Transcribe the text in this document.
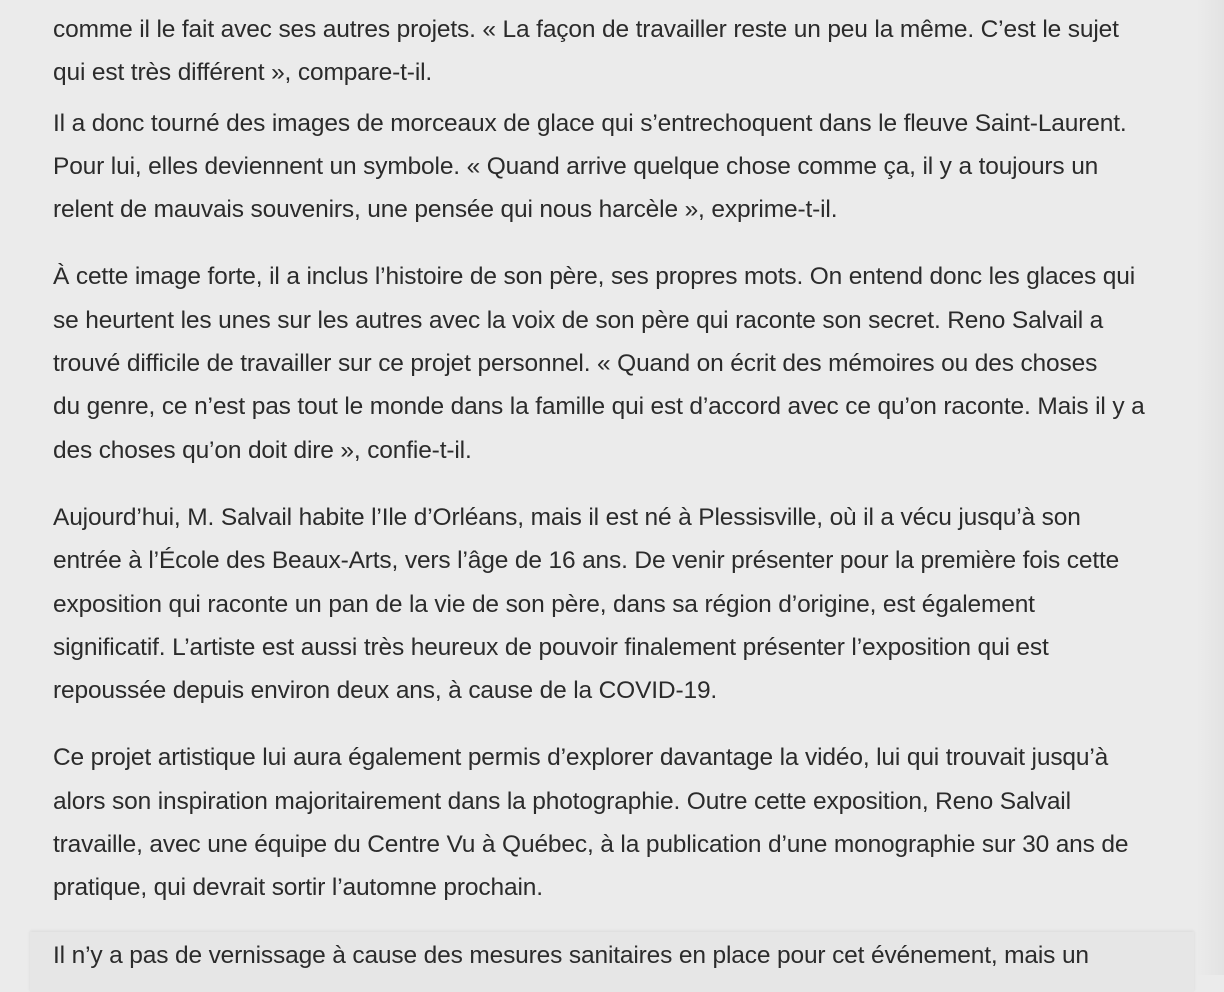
comme il le fait avec ses autres projets. « La façon de travailler reste un peu la même. C’est le sujet
qui est très différent », compare-t-il.

Il a donc tourné des images de morceaux de glace qui s’entrechoquent dans le fleuve Saint-Laurent.
Pour lui, elles deviennent un symbole. « Quand arrive quelque chose comme ça, il y a toujours un
relent de mauvais souvenirs, une pensée qui nous harcèle », exprime-t-il.

À cette image forte, il a inclus l’histoire de son père, ses propres mots. On entend donc les glaces qui
se heurtent les unes sur les autres avec la voix de son père qui raconte son secret. Reno Salvail a
trouvé difficile de travailler sur ce projet personnel. « Quand on écrit des mémoires ou des choses
du genre, ce n’est pas tout le monde dans la famille qui est d’accord avec ce qu’on raconte. Mais il y a
des choses qu’on doit dire », confie-t-il.

Aujourd’hui, M. Salvail habite l’Ile d’Orléans, mais il est né à Plessisville, où il a vécu jusqu’à son
entrée à l’École des Beaux-Arts, vers l’âge de 16 ans. De venir présenter pour la première fois cette
exposition qui raconte un pan de la vie de son père, dans sa région d’origine, est également
significatif. L’artiste est aussi très heureux de pouvoir finalement présenter l’exposition qui est
repoussée depuis environ deux ans, à cause de la COVID-19.

Ce projet artistique lui aura également permis d’explorer davantage la vidéo, lui qui trouvait jusqu’à
alors son inspiration majoritairement dans la photographie. Outre cette exposition, Reno Salvail
travaille, avec une équipe du Centre Vu à Québec, à la publication d’une monographie sur 30 ans de
pratique, qui devrait sortir l’automne prochain.

Il n’y a pas de vernissage à cause des mesures sanitaires en place pour cet événement, mais un
